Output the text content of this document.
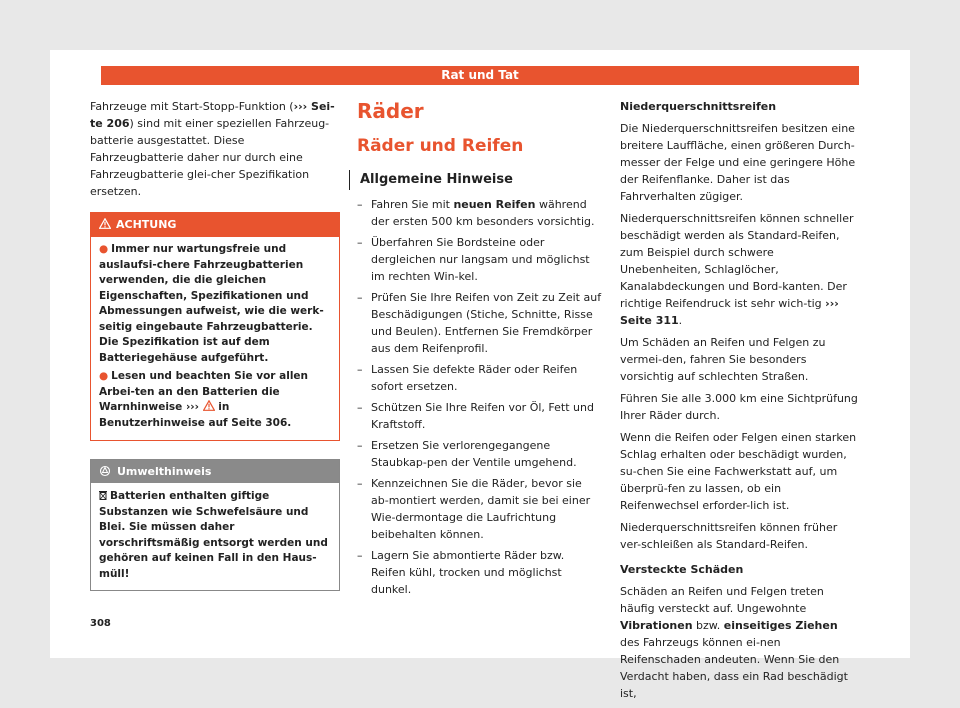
Rat und Tat

Fahrzeuge mit Start-Stopp-Funktion (››› Sei-te 206) sind mit einer speziellen Fahrzeug-batterie ausgestattet. Diese Fahrzeugbatterie daher nur durch eine Fahrzeugbatterie glei-cher Spezifikation ersetzen.

ACHTUNG
● Immer nur wartungsfreie und auslaufsi-chere Fahrzeugbatterien verwenden, die die gleichen Eigenschaften, Spezifikationen und Abmessungen aufweist, wie die werk-seitig eingebaute Fahrzeugbatterie. Die Spezifikation ist auf dem Batteriegehäuse aufgeführt.
● Lesen und beachten Sie vor allen Arbei-ten an den Batterien die Warnhinweise ››› in Benutzerhinweise auf Seite 306.
Umwelthinweis
Batterien enthalten giftige Substanzen wie Schwefelsäure und Blei. Sie müssen daher vorschriftsmäßig entsorgt werden und gehören auf keinen Fall in den Haus-müll!
308
Räder
Räder und Reifen
Allgemeine Hinweise
– Fahren Sie mit neuen Reifen während der ersten 500 km besonders vorsichtig.
– Überfahren Sie Bordsteine oder dergleichen nur langsam und möglichst im rechten Win-kel.
– Prüfen Sie Ihre Reifen von Zeit zu Zeit auf Beschädigungen (Stiche, Schnitte, Risse und Beulen). Entfernen Sie Fremdkörper aus dem Reifenprofil.
– Lassen Sie defekte Räder oder Reifen sofort ersetzen.
– Schützen Sie Ihre Reifen vor Öl, Fett und Kraftstoff.
– Ersetzen Sie verlorengegangene Staubkap-pen der Ventile umgehend.
– Kennzeichnen Sie die Räder, bevor sie ab-montiert werden, damit sie bei einer Wie-dermontage die Laufrichtung beibehalten können.
– Lagern Sie abmontierte Räder bzw. Reifen kühl, trocken und möglichst dunkel.

Niederquerschnittsreifen

Die Niederquerschnittsreifen besitzen eine breitere Lauffläche, einen größeren Durch-messer der Felge und eine geringere Höhe der Reifenflanke. Daher ist das Fahrverhalten zügiger.

Niederquerschnittsreifen können schneller beschädigt werden als Standard-Reifen, zum Beispiel durch schwere Unebenheiten, Schlaglöcher, Kanalabdeckungen und Bord-kanten. Der richtige Reifendruck ist sehr wich-tig ››› Seite 311.

Um Schäden an Reifen und Felgen zu vermei-den, fahren Sie besonders vorsichtig auf schlechten Straßen.

Führen Sie alle 3.000 km eine Sichtprüfung Ihrer Räder durch.

Wenn die Reifen oder Felgen einen starken Schlag erhalten oder beschädigt wurden, su-chen Sie eine Fachwerkstatt auf, um überprü-fen zu lassen, ob ein Reifenwechsel erforder-lich ist.

Niederquerschnittsreifen können früher ver-schleißen als Standard-Reifen.

Versteckte Schäden

Schäden an Reifen und Felgen treten häufig versteckt auf. Ungewohnte Vibrationen bzw. einseitiges Ziehen des Fahrzeugs können ei-nen Reifenschaden andeuten. Wenn Sie den Verdacht haben, dass ein Rad beschädigt ist,
